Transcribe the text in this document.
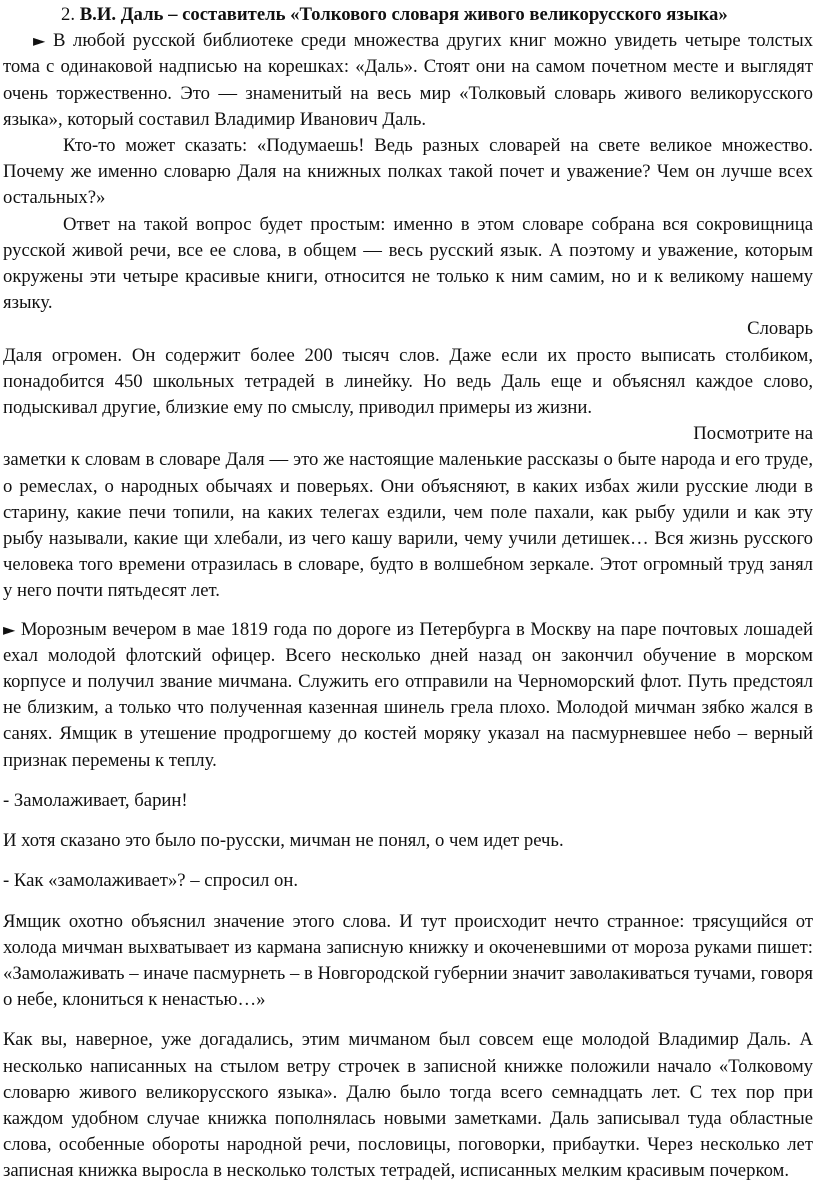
2. В.И. Даль – составитель «Толкового словаря живого великорусского языка»

► В любой русской библиотеке среди множества других книг можно увидеть четыре толстых тома с одинаковой надписью на корешках: «Даль». Стоят они на самом почетном месте и выглядят очень торжественно. Это — знаменитый на весь мир «Толковый словарь живого великорусского языка», который составил Владимир Иванович Даль.

Кто-то может сказать: «Подумаешь! Ведь разных словарей на свете великое множество. Почему же именно словарю Даля на книжных полках такой почет и уважение? Чем он лучше всех остальных?»

Ответ на такой вопрос будет простым: именно в этом словаре собрана вся сокровищница русской живой речи, все ее слова, в общем — весь русский язык. А поэтому и уважение, которым окружены эти четыре красивые книги, относится не только к ним самим, но и к великому нашему языку.
Словарь

Даля огромен. Он содержит более 200 тысяч слов. Даже если их просто выписать столбиком, понадобится 450 школьных тетрадей в линейку. Но ведь Даль еще и объяснял каждое слово, подыскивал другие, близкие ему по смыслу, приводил примеры из жизни.
Посмотрите на

заметки к словам в словаре Даля — это же настоящие маленькие рассказы о быте народа и его труде, о ремеслах, о народных обычаях и поверьях. Они объясняют, в каких избах жили русские люди в старину, какие печи топили, на каких телегах ездили, чем поле пахали, как рыбу удили и как эту рыбу называли, какие щи хлебали, из чего кашу варили, чему учили детишек… Вся жизнь русского человека того времени отразилась в словаре, будто в волшебном зеркале. Этот огромный труд занял у него почти пятьдесят лет.

► Морозным вечером в мае 1819 года по дороге из Петербурга в Москву на паре почтовых лошадей ехал молодой флотский офицер. Всего несколько дней назад он закончил обучение в морском корпусе и получил звание мичмана. Служить его отправили на Черноморский флот. Путь предстоял не близким, а только что полученная казенная шинель грела плохо. Молодой мичман зябко жался в санях. Ямщик в утешение продрогшему до костей моряку указал на пасмурневшее небо – верный признак перемены к теплу.

- Замолаживает, барин!

И хотя сказано это было по-русски, мичман не понял, о чем идет речь.

- Как «замолаживает»? – спросил он.

Ямщик охотно объяснил значение этого слова. И тут происходит нечто странное: трясущийся от холода мичман выхватывает из кармана записную книжку и окоченевшими от мороза руками пишет: «Замолаживать – иначе пасмурнеть – в Новгородской губернии значит заволакиваться тучами, говоря о небе, клониться к ненастью…»

Как вы, наверное, уже догадались, этим мичманом был совсем еще молодой Владимир Даль. А несколько написанных на стылом ветру строчек в записной книжке положили начало «Толковому словарю живого великорусского языка». Далю было тогда всего семнадцать лет. С тех пор при каждом удобном случае книжка пополнялась новыми заметками. Даль записывал туда областные слова, особенные обороты народной речи, пословицы, поговорки, прибаутки. Через несколько лет записная книжка выросла в несколько толстых тетрадей, исписанных мелким красивым почерком.
